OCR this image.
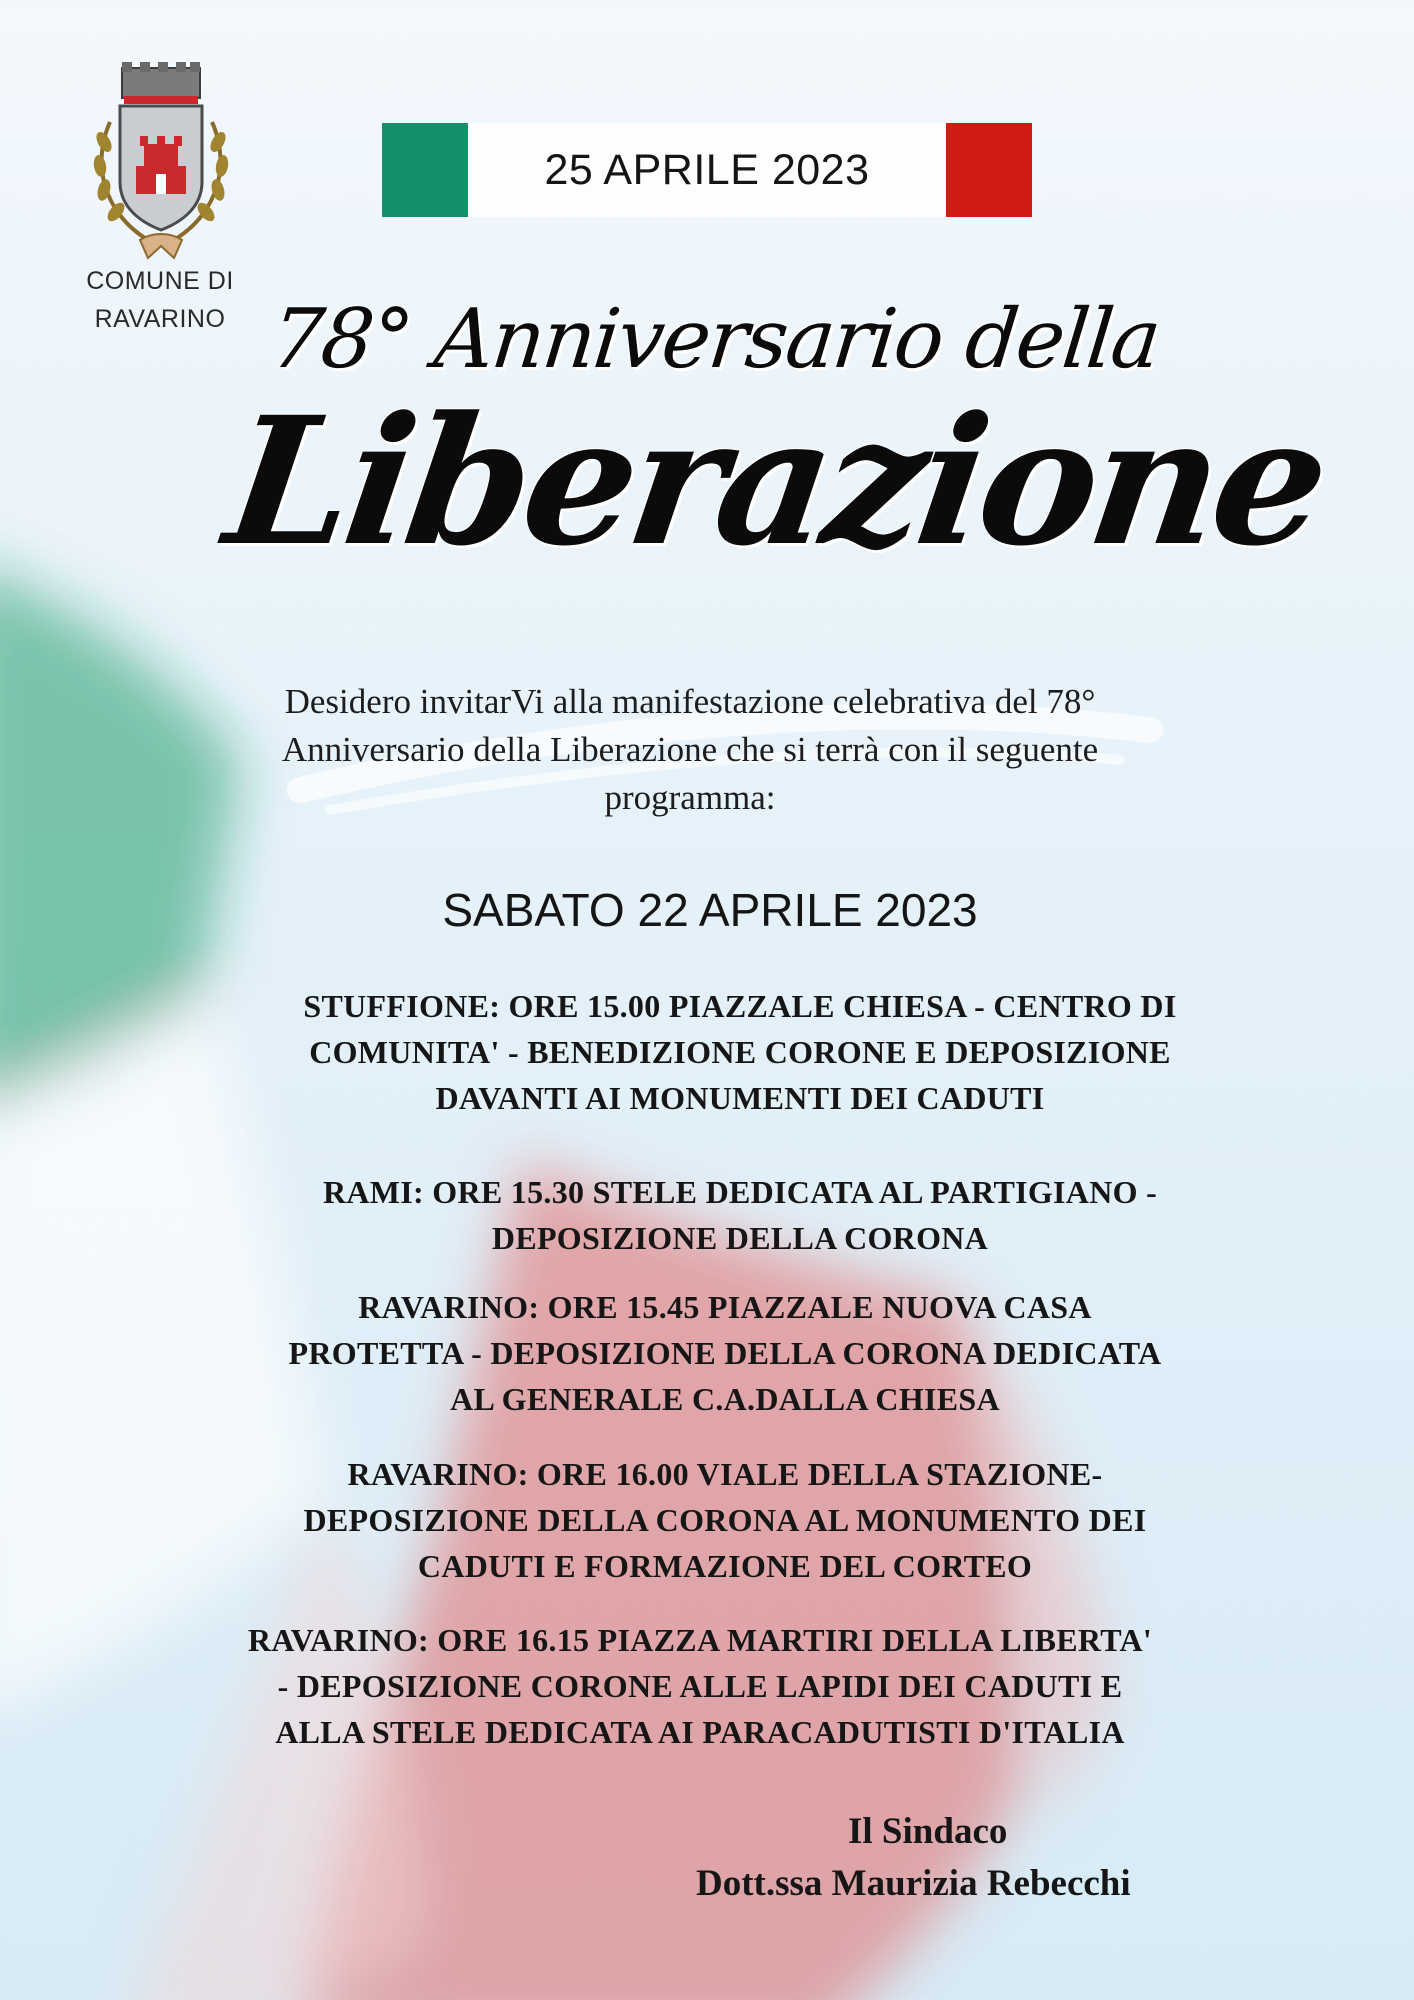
COMUNE DI
RAVARINO
25 APRILE 2023
78° Anniversario della
Liberazione
Desidero invitarVi alla manifestazione celebrativa del 78°
Anniversario della Liberazione che si terrà con il seguente
programma:
SABATO 22 APRILE 2023
STUFFIONE: ORE 15.00 PIAZZALE CHIESA - CENTRO DI
COMUNITA' - BENEDIZIONE CORONE E DEPOSIZIONE
DAVANTI AI MONUMENTI DEI CADUTI
RAMI: ORE 15.30 STELE DEDICATA AL PARTIGIANO -
DEPOSIZIONE DELLA CORONA
RAVARINO: ORE 15.45 PIAZZALE NUOVA CASA
PROTETTA - DEPOSIZIONE DELLA CORONA DEDICATA
AL GENERALE C.A.DALLA CHIESA
RAVARINO: ORE 16.00 VIALE DELLA STAZIONE-
DEPOSIZIONE DELLA CORONA AL MONUMENTO DEI
CADUTI E FORMAZIONE DEL CORTEO
RAVARINO: ORE 16.15 PIAZZA MARTIRI DELLA LIBERTA'
- DEPOSIZIONE CORONE ALLE LAPIDI DEI CADUTI E
ALLA STELE DEDICATA AI PARACADUTISTI D'ITALIA
Il Sindaco
Dott.ssa Maurizia Rebecchi
